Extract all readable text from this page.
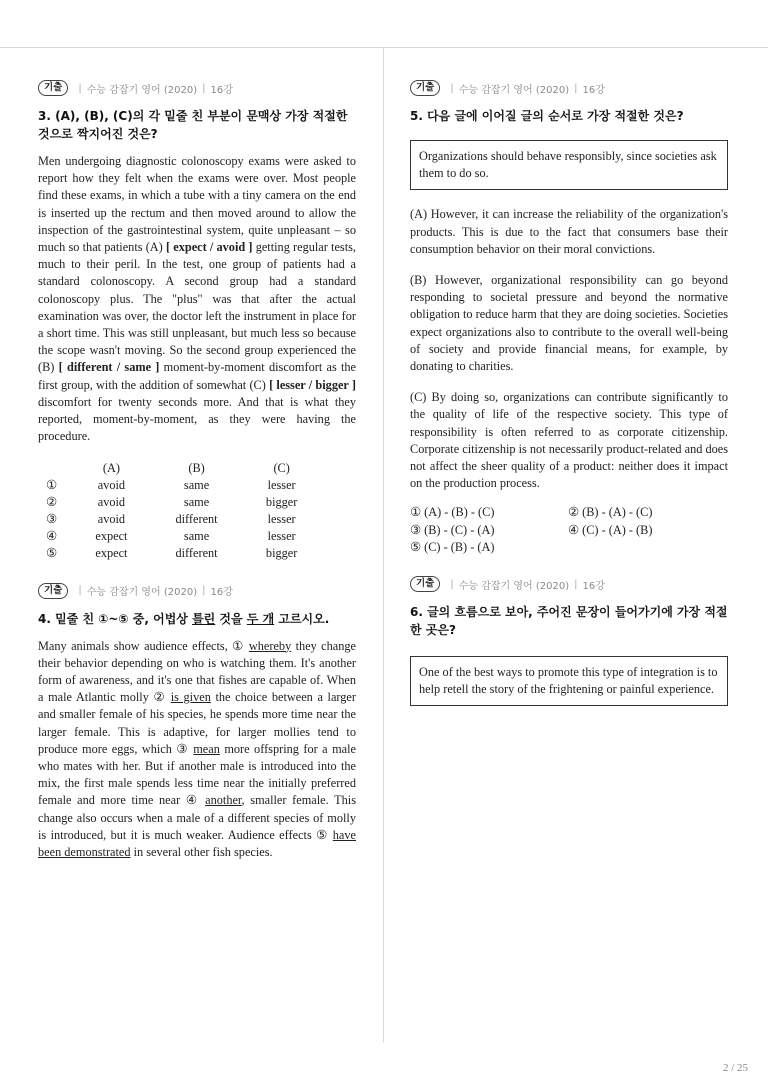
기출	| 수능 감잡기 영어 (2020) | 16강
3. (A), (B), (C)의 각 밑줄 친 부분이 문맥상 가장 적절한 것으로 짝지어진 것은?
Men undergoing diagnostic colonoscopy exams were asked to report how they felt when the exams were over. Most people find these exams, in which a tube with a tiny camera on the end is inserted up the rectum and then moved around to allow the inspection of the gastrointestinal system, quite unpleasant – so much so that patients (A) [ expect / avoid ] getting regular tests, much to their peril. In the test, one group of patients had a standard colonoscopy. A second group had a standard colonoscopy plus. The "plus" was that after the actual examination was over, the doctor left the instrument in place for a short time. This was still unpleasant, but much less so because the scope wasn't moving. So the second group experienced the (B) [ different / same ] moment-by-moment discomfort as the first group, with the addition of somewhat (C) [ lesser / bigger ] discomfort for twenty seconds more. And that is what they reported, moment-by-moment, as they were having the procedure.
	(A)	(B)	(C)
①	avoid	same	lesser
②	avoid	same	bigger
③	avoid	different	lesser
④	expect	same	lesser
⑤	expect	different	bigger
기출	| 수능 감잡기 영어 (2020) | 16강
4. 밑줄 친 ①~⑤ 중, 어법상 틀린 것을 두 개 고르시오.
Many animals show audience effects, ① whereby they change their behavior depending on who is watching them. It's another form of awareness, and it's one that fishes are capable of. When a male Atlantic molly ② is given the choice between a larger and smaller female of his species, he spends more time near the larger female. This is adaptive, for larger mollies tend to produce more eggs, which ③ mean more offspring for a male who mates with her. But if another male is introduced into the mix, the first male spends less time near the initially preferred female and more time near ④ another, smaller female. This change also occurs when a male of a different species of molly is introduced, but it is much weaker. Audience effects ⑤ have been demonstrated in several other fish species.
기출	| 수능 감잡기 영어 (2020) | 16강
5. 다음 글에 이어질 글의 순서로 가장 적절한 것은?
Organizations should behave responsibly, since societies ask them to do so.
(A) However, it can increase the reliability of the organization's products. This is due to the fact that consumers base their consumption behavior on their moral convictions.
(B) However, organizational responsibility can go beyond responding to societal pressure and beyond the normative obligation to reduce harm that they are doing societies. Societies expect organizations also to contribute to the overall well-being of society and provide financial means, for example, by donating to charities.
(C) By doing so, organizations can contribute significantly to the quality of life of the respective society. This type of responsibility is often referred to as corporate citizenship. Corporate citizenship is not necessarily product-related and does not affect the sheer quality of a product: neither does it impact on the production process.
① (A) - (B) - (C)	② (B) - (A) - (C)
③ (B) - (C) - (A)	④ (C) - (A) - (B)
⑤ (C) - (B) - (A)
기출	| 수능 감잡기 영어 (2020) | 16강
6. 글의 흐름으로 보아, 주어진 문장이 들어가기에 가장 적절한 곳은?
One of the best ways to promote this type of integration is to help retell the story of the frightening or painful experience.
2 / 25
